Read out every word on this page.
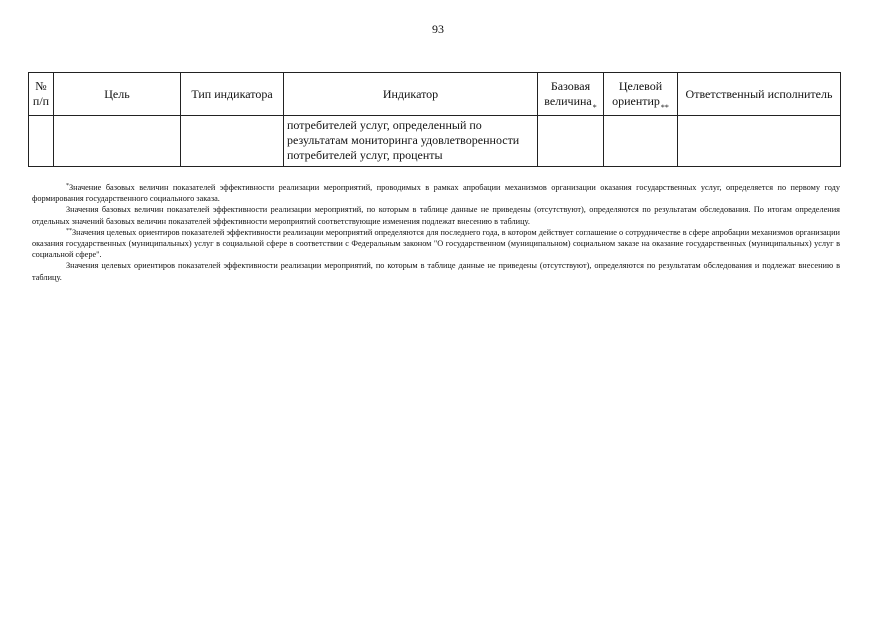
93
№ п/п	Цель	Тип индикатора	Индикатор	Базовая величина*	Целевой ориентир**	Ответственный исполнитель
			потребителей услуг, определенный по результатам мониторинга удовлетворенности потребителей услуг, проценты			

*Значение базовых величин показателей эффективности реализации мероприятий, проводимых в рамках апробации механизмов организации оказания государственных услуг, определяется по первому году формирования государственного социального заказа.

Значения базовых величин показателей эффективности реализации мероприятий, по которым в таблице данные не приведены (отсутствуют), определяются по результатам обследования. По итогам определения отдельных значений базовых величин показателей эффективности мероприятий соответствующие изменения подлежат внесению в таблицу.

**Значения целевых ориентиров показателей эффективности реализации мероприятий определяются для последнего года, в котором действует соглашение о сотрудничестве в сфере апробации механизмов организации оказания государственных (муниципальных) услуг в социальной сфере в соответствии с Федеральным законом "О государственном (муниципальном) социальном заказе на оказание государственных (муниципальных) услуг в социальной сфере".

Значения целевых ориентиров показателей эффективности реализации мероприятий, по которым в таблице данные не приведены (отсутствуют), определяются по результатам обследования и подлежат внесению в таблицу.
